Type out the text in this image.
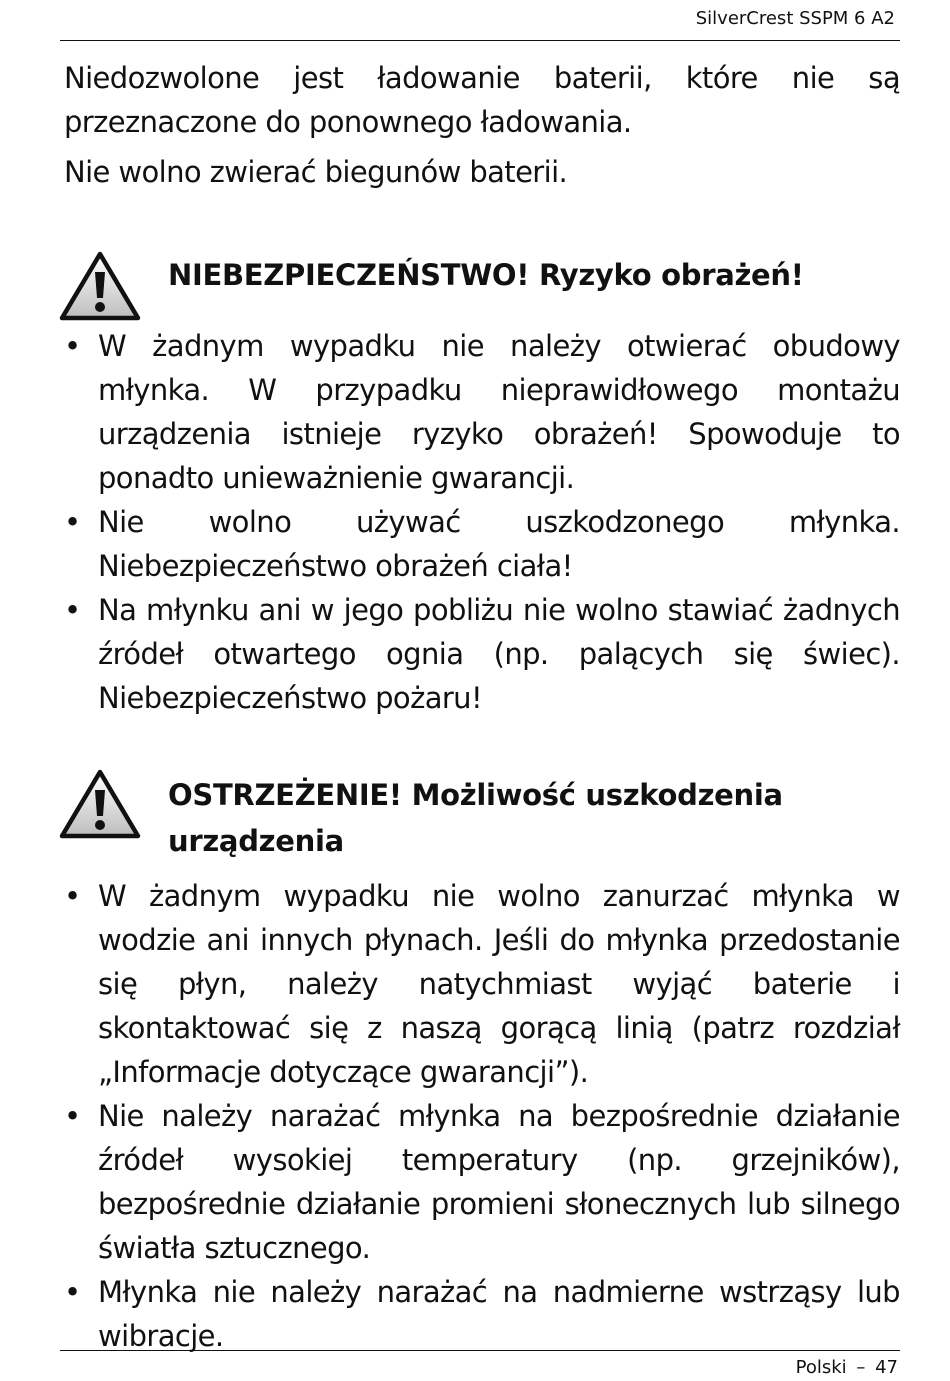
SilverCrest SSPM 6 A2

Niedozwolone jest ładowanie baterii, które nie są przeznaczone do ponownego ładowania.

Nie wolno zwierać biegunów baterii.

NIEBEZPIECZEŃSTWO! Ryzyko obrażeń!
• W żadnym wypadku nie należy otwierać obudowy młynka. W przypadku nieprawidłowego montażu urządzenia istnieje ryzyko obrażeń! Spowoduje to ponadto unieważnienie gwarancji.
• Nie wolno używać uszkodzonego młynka. Niebezpieczeństwo obrażeń ciała!
• Na młynku ani w jego pobliżu nie wolno stawiać żadnych źródeł otwartego ognia (np. palących się świec). Niebezpieczeństwo pożaru!
OSTRZEŻENIE! Możliwość uszkodzenia urządzenia
• W żadnym wypadku nie wolno zanurzać młynka w wodzie ani innych płynach. Jeśli do młynka przedostanie się płyn, należy natychmiast wyjąć baterie i skontaktować się z naszą gorącą linią (patrz rozdział „Informacje dotyczące gwarancji”).
• Nie należy narażać młynka na bezpośrednie działanie źródeł wysokiej temperatury (np. grzejników), bezpośrednie działanie promieni słonecznych lub silnego światła sztucznego.
• Młynka nie należy narażać na nadmierne wstrząsy lub wibracje.
Polski – 47
